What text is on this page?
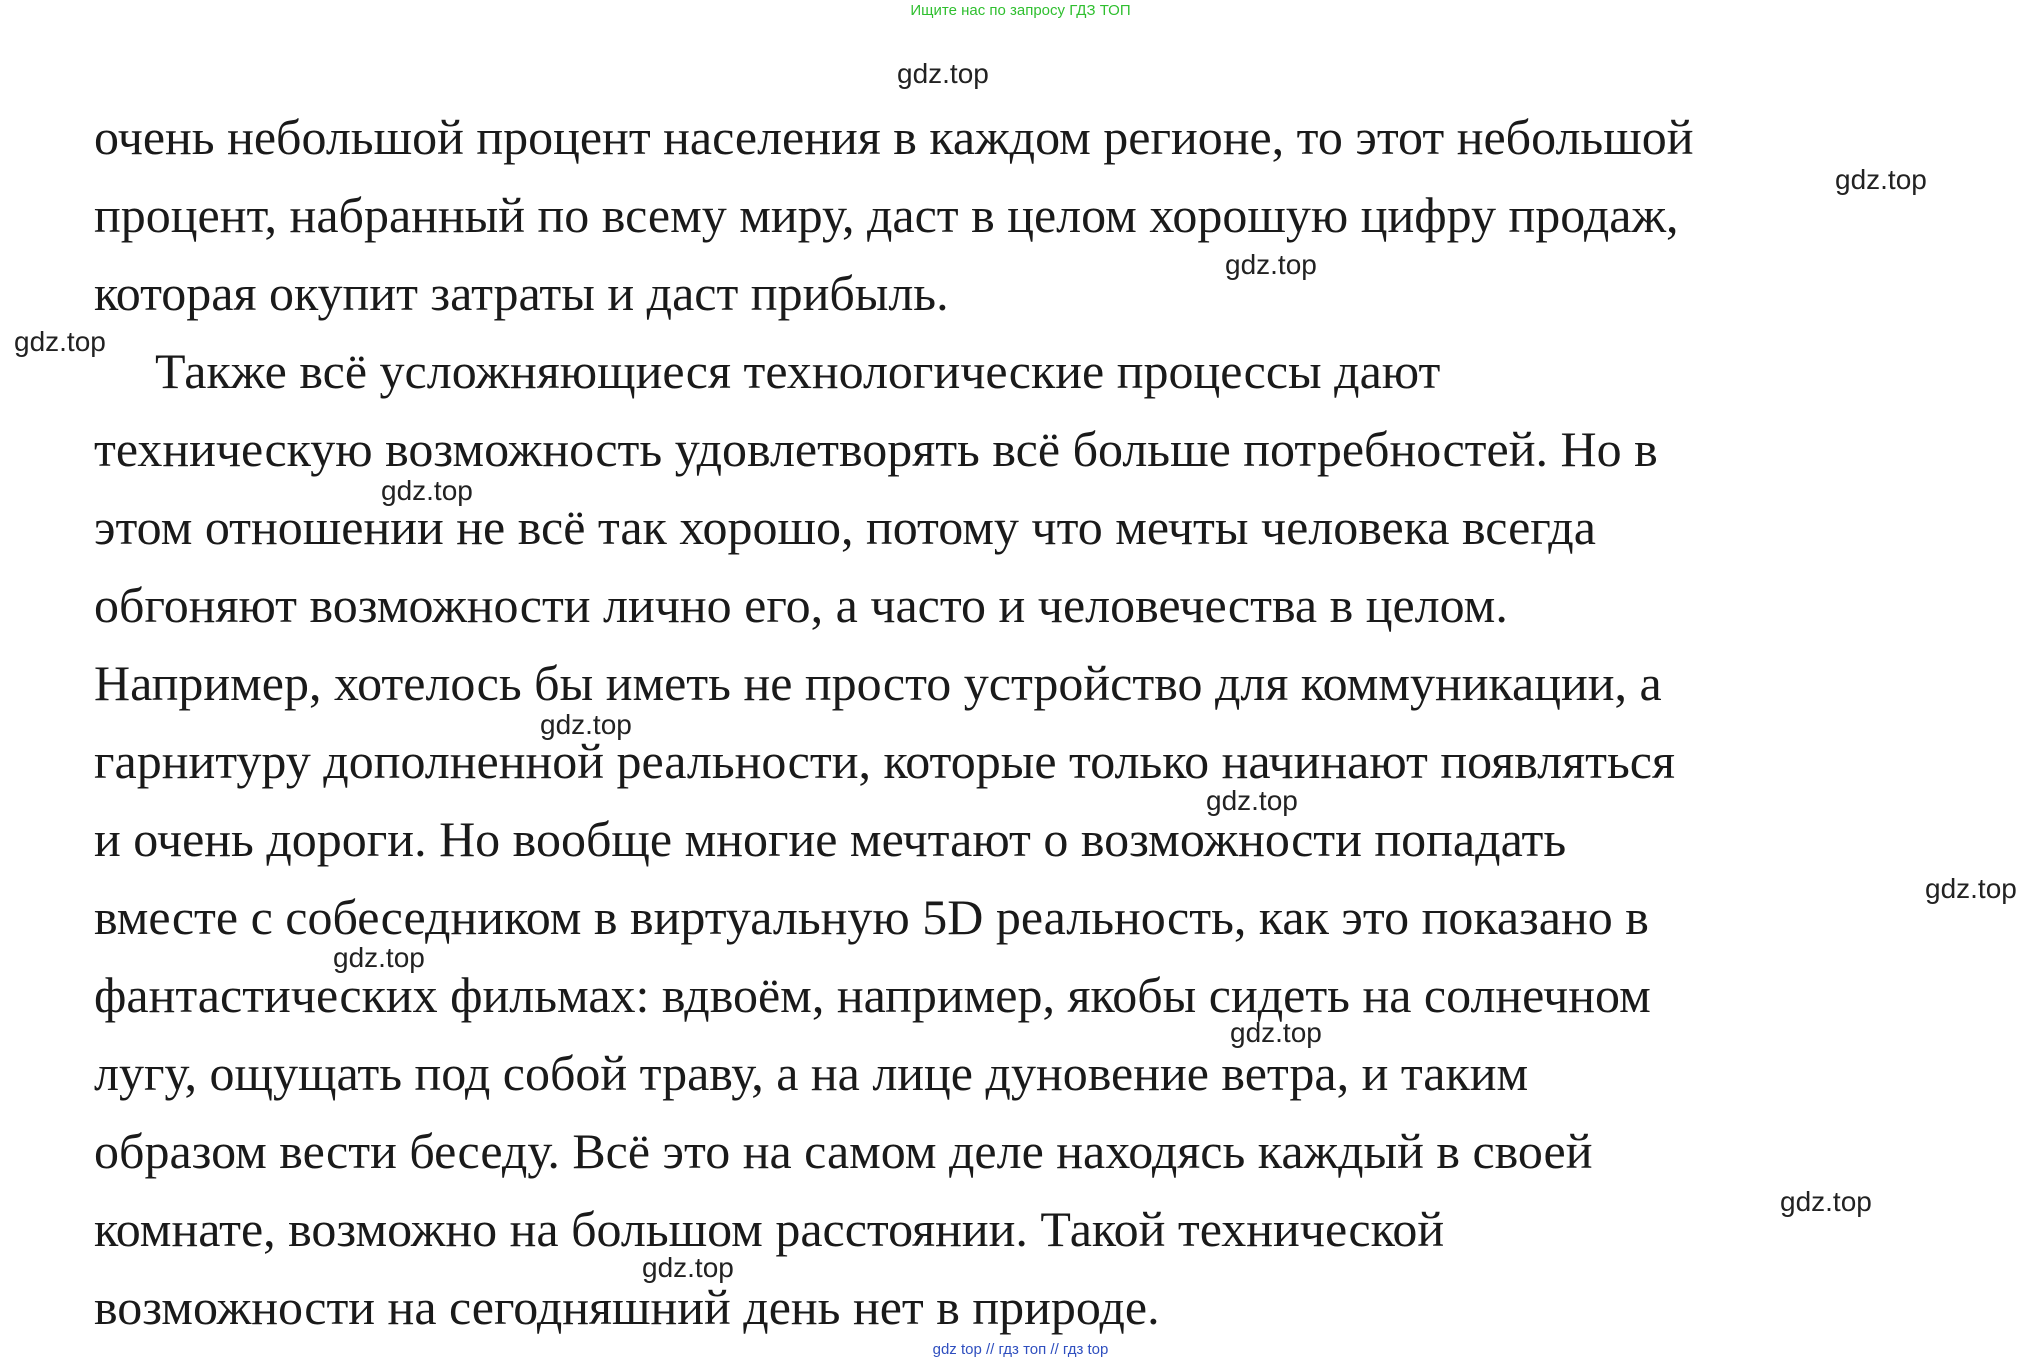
Ищите нас по запросу ГДЗ ТОП
очень небольшой процент населения в каждом регионе, то этот небольшой
процент, набранный по всему миру, даст в целом хорошую цифру продаж,
которая окупит затраты и даст прибыль.
Также всё усложняющиеся технологические процессы дают
техническую возможность удовлетворять всё больше потребностей. Но в
этом отношении не всё так хорошо, потому что мечты человека всегда
обгоняют возможности лично его, а часто и человечества в целом.
Например, хотелось бы иметь не просто устройство для коммуникации, а
гарнитуру дополненной реальности, которые только начинают появляться
и очень дороги. Но вообще многие мечтают о возможности попадать
вместе с собеседником в виртуальную 5D реальность, как это показано в
фантастических фильмах: вдвоём, например, якобы сидеть на солнечном
лугу, ощущать под собой траву, а на лице дуновение ветра, и таким
образом вести беседу. Всё это на самом деле находясь каждый в своей
комнате, возможно на большом расстоянии. Такой технической
возможности на сегодняшний день нет в природе.
gdz.top
gdz.top
gdz.top
gdz.top
gdz.top
gdz.top
gdz.top
gdz.top
gdz.top
gdz.top
gdz.top
gdz.top
gdz top // гдз топ // гдз top
